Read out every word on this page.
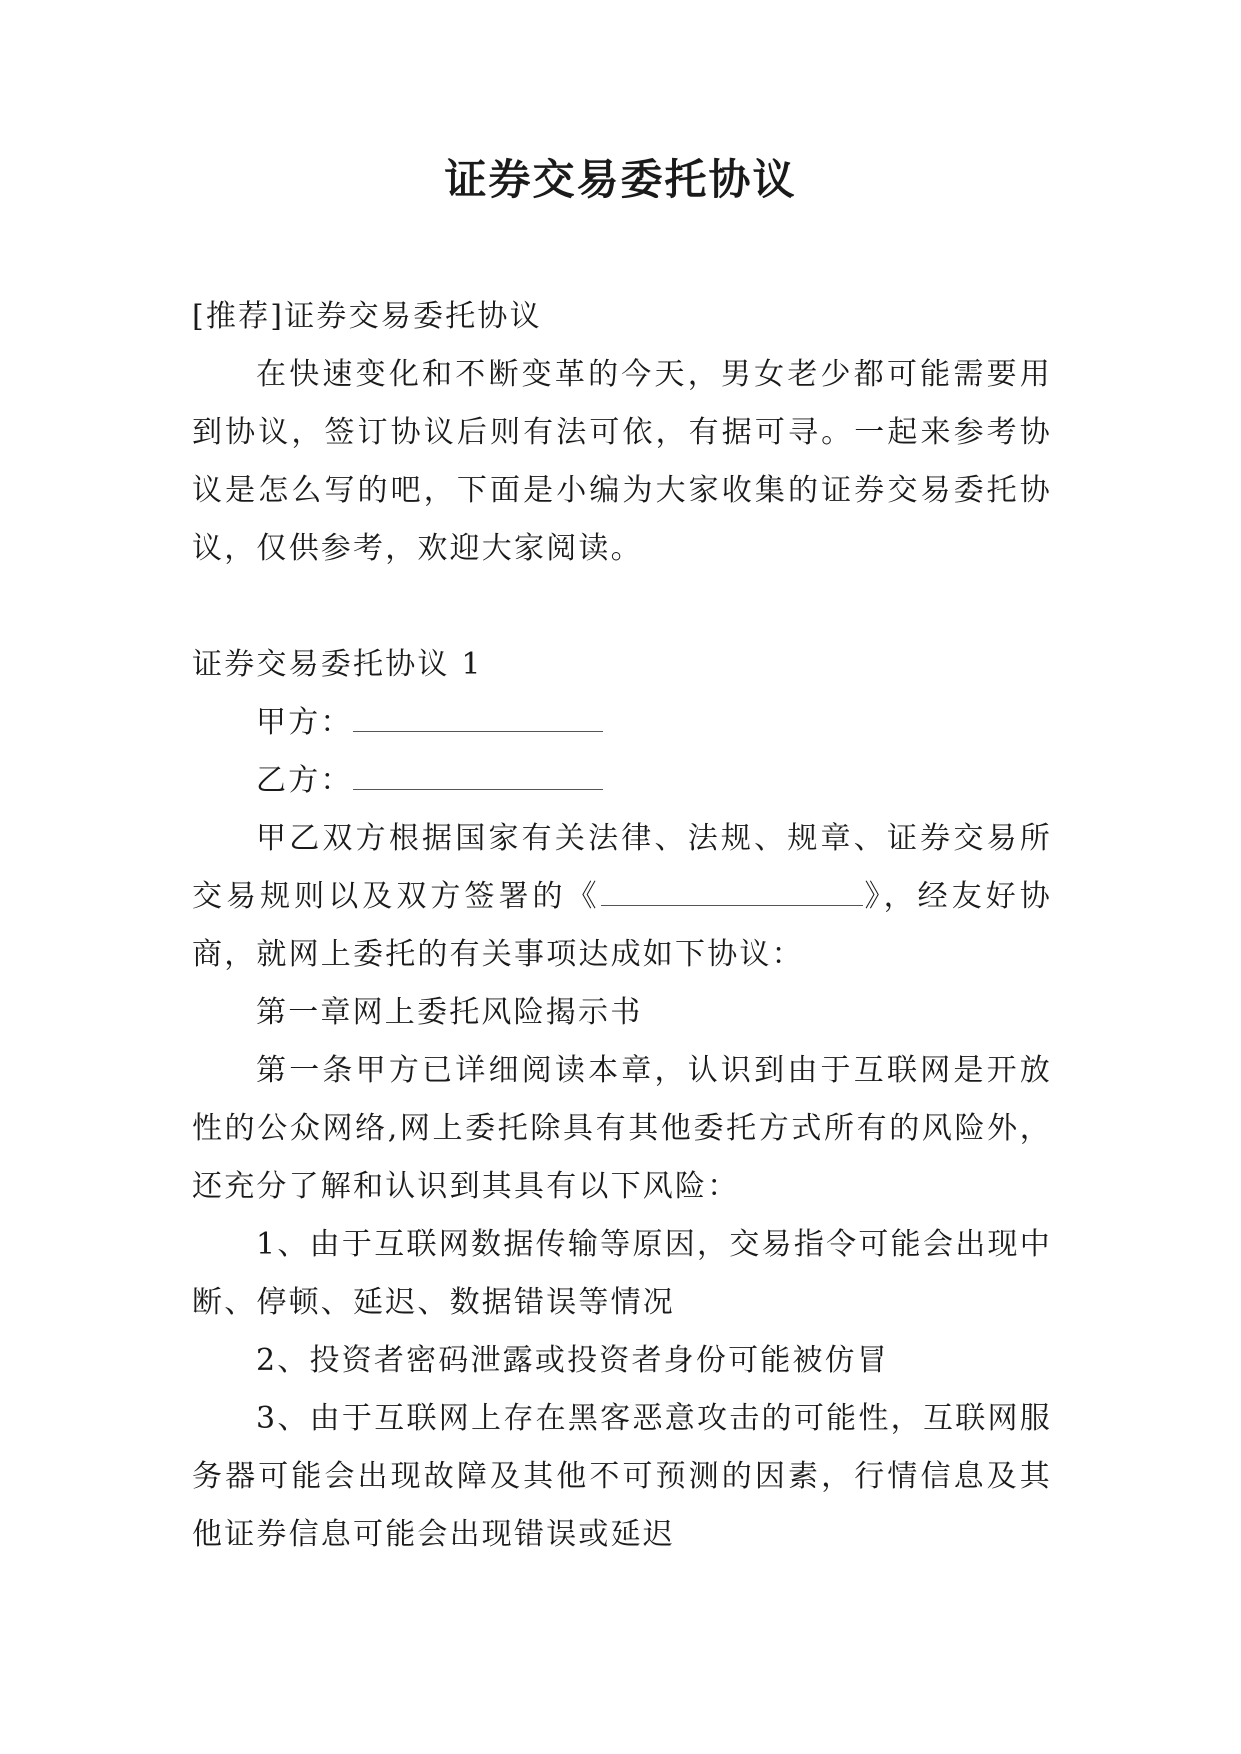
证券交易委托协议

[推荐]证券交易委托协议

在快速变化和不断变革的今天，男女老少都可能需要用到协议，签订协议后则有法可依，有据可寻。一起来参考协议是怎么写的吧，下面是小编为大家收集的证券交易委托协议，仅供参考，欢迎大家阅读。

证券交易委托协议 1

甲方：

乙方：

甲乙双方根据国家有关法律、法规、规章、证券交易所交易规则以及双方签署的《	》，经友好协商，就网上委托的有关事项达成如下协议：

第一章网上委托风险揭示书

第一条甲方已详细阅读本章，认识到由于互联网是开放性的公众网络,网上委托除具有其他委托方式所有的风险外，还充分了解和认识到其具有以下风险：

1、由于互联网数据传输等原因，交易指令可能会出现中断、停顿、延迟、数据错误等情况

2、投资者密码泄露或投资者身份可能被仿冒

3、由于互联网上存在黑客恶意攻击的可能性，互联网服务器可能会出现故障及其他不可预测的因素，行情信息及其他证券信息可能会出现错误或延迟
